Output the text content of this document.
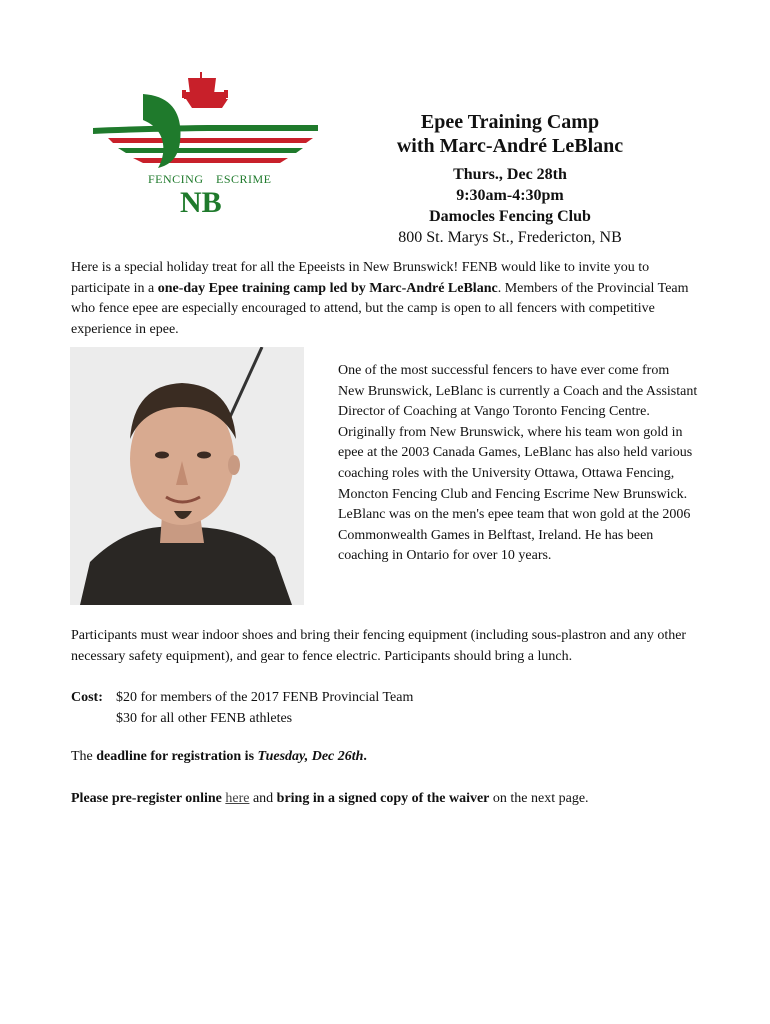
FENCING ESCRIME
NB
Epee Training Camp
with Marc-André LeBlanc
Thurs., Dec 28th
9:30am-4:30pm
Damocles Fencing Club
800 St. Marys St., Fredericton, NB
Here is a special holiday treat for all the Epeeists in New Brunswick! FENB would like to invite you to participate in a one-day Epee training camp led by Marc-André LeBlanc. Members of the Provincial Team who fence epee are especially encouraged to attend, but the camp is open to all fencers with competitive experience in epee.
One of the most successful fencers to have ever come from New Brunswick, LeBlanc is currently a Coach and the Assistant Director of Coaching at Vango Toronto Fencing Centre. Originally from New Brunswick, where his team won gold in epee at the 2003 Canada Games, LeBlanc has also held various coaching roles with the University Ottawa, Ottawa Fencing, Moncton Fencing Club and Fencing Escrime New Brunswick. LeBlanc was on the men's epee team that won gold at the 2006 Commonwealth Games in Belftast, Ireland. He has been coaching in Ontario for over 10 years.
Participants must wear indoor shoes and bring their fencing equipment (including sous-plastron and any other necessary safety equipment), and gear to fence electric. Participants should bring a lunch.
Cost: $20 for members of the 2017 FENB Provincial Team
$30 for all other FENB athletes
The deadline for registration is Tuesday, Dec 26th.
Please pre-register online here and bring in a signed copy of the waiver on the next page.
